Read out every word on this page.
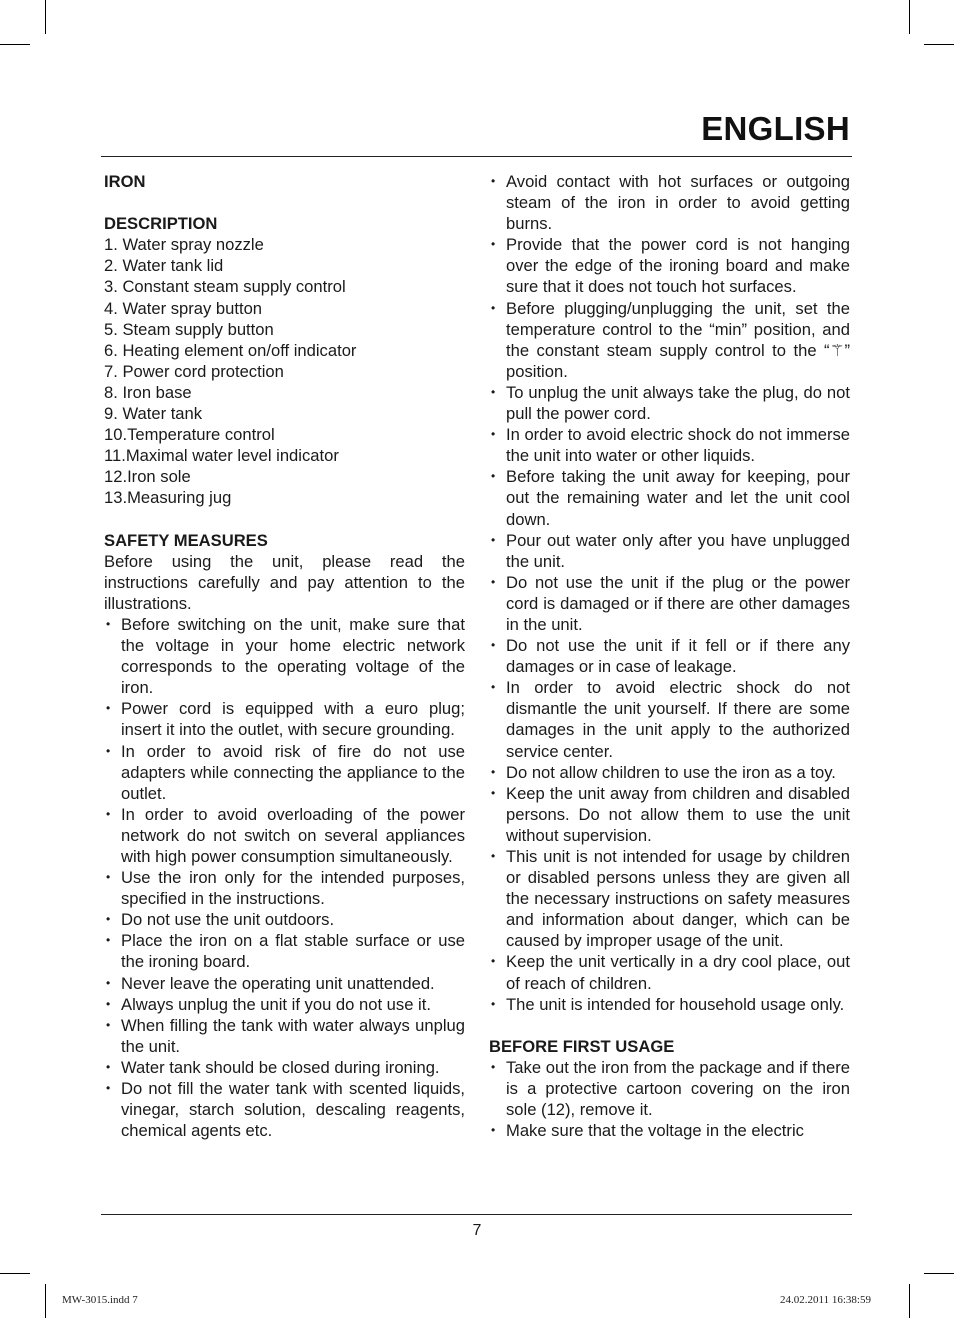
ENGLISH
IRON
DESCRIPTION
1. Water spray nozzle
2. Water tank lid
3. Constant steam supply control
4. Water spray button
5. Steam supply button
6. Heating element on/off indicator
7. Power cord protection
8. Iron base
9. Water tank
10.Temperature control
11.Maximal water level indicator
12.Iron sole
13.Measuring jug
SAFETY MEASURES
Before using the unit, please read the instructions carefully and pay attention to the illustrations.
• Before switching on the unit, make sure that the voltage in your home electric network corresponds to the operating voltage of the iron.
• Power cord is equipped with a euro plug; insert it into the outlet, with secure grounding.
• In order to avoid risk of fire do not use adapters while connecting the appliance to the outlet.
• In order to avoid overloading of the power network do not switch on several appliances with high power consumption simultaneously.
• Use the iron only for the intended purposes, specified in the instructions.
• Do not use the unit outdoors.
• Place the iron on a flat stable surface or use the ironing board.
• Never leave the operating unit unattended.
• Always unplug the unit if you do not use it.
• When filling the tank with water always unplug the unit.
• Water tank should be closed during ironing.
• Do not fill the water tank with scented liquids, vinegar, starch solution, descaling reagents, chemical agents etc.
• Avoid contact with hot surfaces or outgoing steam of the iron in order to avoid getting burns.
• Provide that the power cord is not hanging over the edge of the ironing board and make sure that it does not touch hot surfaces.
• Before plugging/unplugging the unit, set the temperature control to the “min” position, and the constant steam supply control to the “⚚” position.
• To unplug the unit always take the plug, do not pull the power cord.
• In order to avoid electric shock do not immerse the unit into water or other liquids.
• Before taking the unit away for keeping, pour out the remaining water and let the unit cool down.
• Pour out water only after you have unplugged the unit.
• Do not use the unit if the plug or the power cord is damaged or if there are other damages in the unit.
• Do not use the unit if it fell or if there any damages or in case of leakage.
• In order to avoid electric shock do not dismantle the unit yourself. If there are some damages in the unit apply to the authorized service center.
• Do not allow children to use the iron as a toy.
• Keep the unit away from children and disabled persons. Do not allow them to use the unit without supervision.
• This unit is not intended for usage by children or disabled persons unless they are given all the necessary instructions on safety measures and information about danger, which can be caused by improper usage of the unit.
• Keep the unit vertically in a dry cool place, out of reach of children.
• The unit is intended for household usage only.
BEFORE FIRST USAGE
• Take out the iron from the package and if there is a protective cartoon covering on the iron sole (12), remove it.
• Make sure that the voltage in the electric
7
MW-3015.indd 7	24.02.2011 16:38:59
